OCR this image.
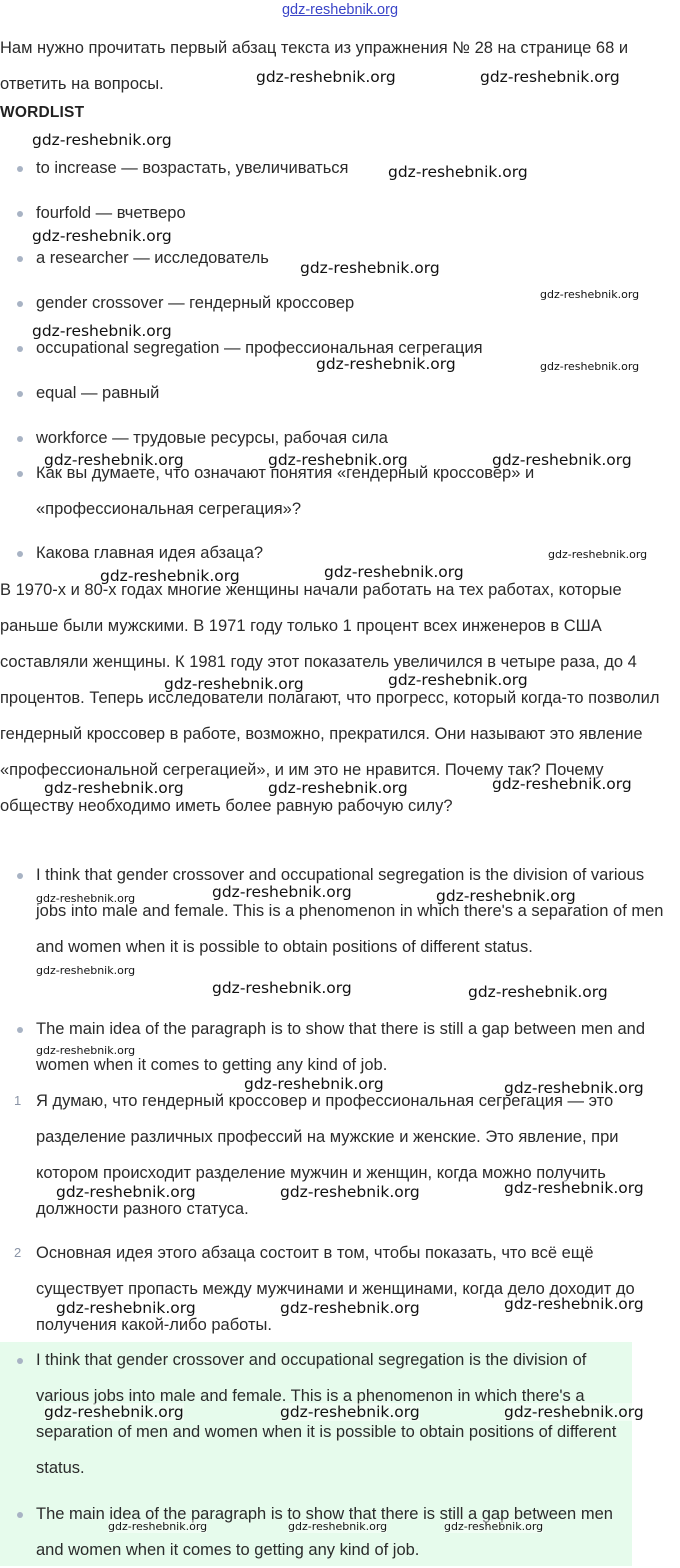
gdz-reshebnik.org

Нам нужно прочитать первый абзац текста из упражнения № 28 на странице 68 и ответить на вопросы.

WORDLIST
to increase — возрастать, увеличиваться
fourfold — вчетверо
a researcher — исследователь
gender crossover — гендерный кроссовер
occupational segregation — профессиональная сегрегация
equal — равный
workforce — трудовые ресурсы, рабочая сила
Как вы думаете, что означают понятия «гендерный кроссовер» и «профессиональная сегрегация»?
Какова главная идея абзаца?

В 1970-х и 80-х годах многие женщины начали работать на тех работах, которые раньше были мужскими. В 1971 году только 1 процент всех инженеров в США составляли женщины. К 1981 году этот показатель увеличился в четыре раза, до 4 процентов. Теперь исследователи полагают, что прогресс, который когда-то позволил гендерный кроссовер в работе, возможно, прекратился. Они называют это явление «профессиональной сегрегацией», и им это не нравится. Почему так? Почему обществу необходимо иметь более равную рабочую силу?

I think that gender crossover and occupational segregation is the division of various jobs into male and female. This is a phenomenon in which there's a separation of men and women when it is possible to obtain positions of different status.
The main idea of the paragraph is to show that there is still a gap between men and women when it comes to getting any kind of job.
1 Я думаю, что гендерный кроссовер и профессиональная сегрегация — это разделение различных профессий на мужские и женские. Это явление, при котором происходит разделение мужчин и женщин, когда можно получить должности разного статуса.
2 Основная идея этого абзаца состоит в том, чтобы показать, что всё ещё существует пропасть между мужчинами и женщинами, когда дело доходит до получения какой-либо работы.
I think that gender crossover and occupational segregation is the division of various jobs into male and female. This is a phenomenon in which there's a separation of men and women when it is possible to obtain positions of different status.
The main idea of the paragraph is to show that there is still a gap between men and women when it comes to getting any kind of job.
gdz-reshebnik.org	gdz-reshebnik.org
gdz-reshebnik.org
gdz-reshebnik.org
gdz-reshebnik.org
gdz-reshebnik.org
gdz-reshebnik.org
gdz-reshebnik.org
gdz-reshebnik.org	gdz-reshebnik.org
gdz-reshebnik.org	gdz-reshebnik.org	gdz-reshebnik.org
gdz-reshebnik.org
gdz-reshebnik.org	gdz-reshebnik.org
gdz-reshebnik.org	gdz-reshebnik.org
gdz-reshebnik.org	gdz-reshebnik.org	gdz-reshebnik.org
gdz-reshebnik.org	gdz-reshebnik.org	gdz-reshebnik.org
gdz-reshebnik.org
gdz-reshebnik.org	gdz-reshebnik.org
gdz-reshebnik.org
gdz-reshebnik.org	gdz-reshebnik.org
gdz-reshebnik.org	gdz-reshebnik.org	gdz-reshebnik.org
gdz-reshebnik.org	gdz-reshebnik.org	gdz-reshebnik.org
gdz-reshebnik.org	gdz-reshebnik.org	gdz-reshebnik.org
gdz-reshebnik.org	gdz-reshebnik.org	gdz-reshebnik.org
